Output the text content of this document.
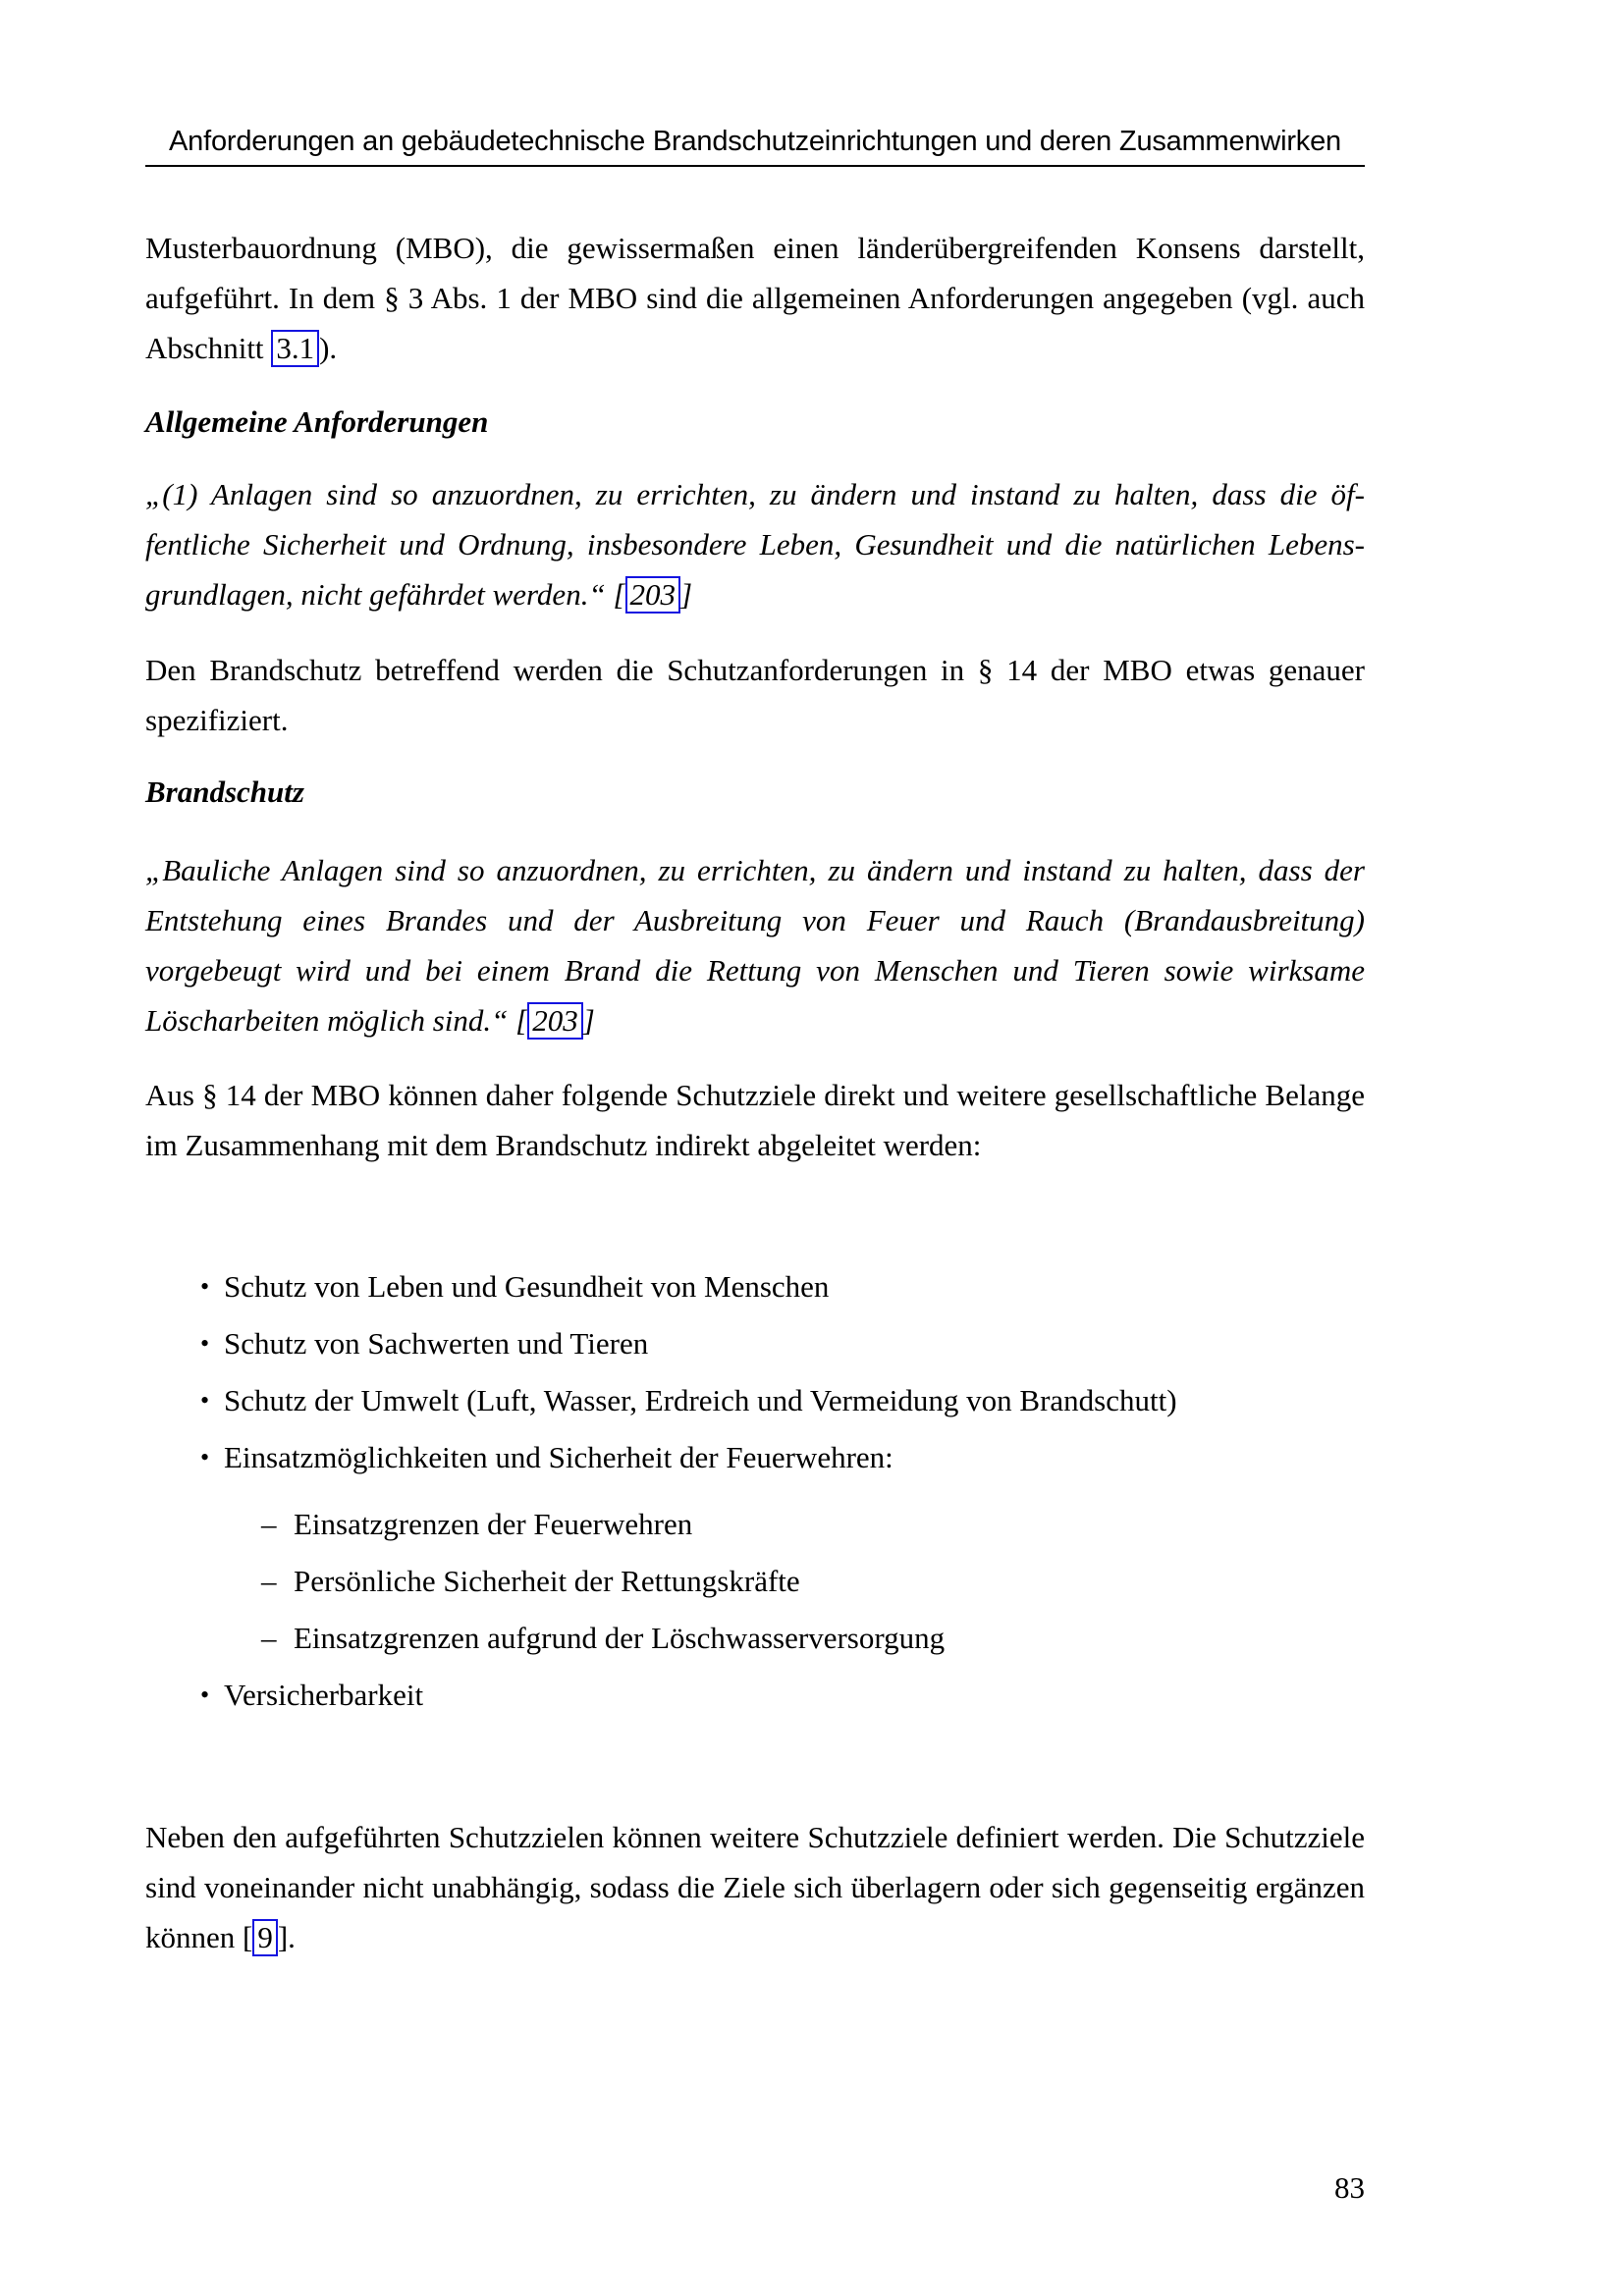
Anforderungen an gebäudetechnische Brandschutzeinrichtungen und deren Zusammenwirken

Musterbauordnung (MBO), die gewissermaßen einen länderübergreifenden Konsens darstellt, aufgeführt. In dem § 3 Abs. 1 der MBO sind die allgemeinen Anforderungen angegeben (vgl. auch Abschnitt 3.1 ).

Allgemeine Anforderungen

„(1) Anlagen sind so anzuordnen, zu errichten, zu ändern und instand zu halten, dass die öffentliche Sicherheit und Ordnung, insbesondere Leben, Gesundheit und die natürlichen Lebensgrundlagen, nicht gefährdet werden.“ [ 203 ]

Den Brandschutz betreffend werden die Schutzanforderungen in § 14 der MBO etwas genauer spezifiziert.

Brandschutz

„Bauliche Anlagen sind so anzuordnen, zu errichten, zu ändern und instand zu halten, dass der Entstehung eines Brandes und der Ausbreitung von Feuer und Rauch (Brandausbreitung) vorgebeugt wird und bei einem Brand die Rettung von Menschen und Tieren sowie wirksame Löscharbeiten möglich sind.“ [ 203 ]

Aus § 14 der MBO können daher folgende Schutzziele direkt und weitere gesellschaftliche Belange im Zusammenhang mit dem Brandschutz indirekt abgeleitet werden:

• Schutz von Leben und Gesundheit von Menschen
• Schutz von Sachwerten und Tieren
• Schutz der Umwelt (Luft, Wasser, Erdreich und Vermeidung von Brandschutt)
• Einsatzmöglichkeiten und Sicherheit der Feuerwehren:
– Einsatzgrenzen der Feuerwehren
– Persönliche Sicherheit der Rettungskräfte
– Einsatzgrenzen aufgrund der Löschwasserversorgung
• Versicherbarkeit

Neben den aufgeführten Schutzzielen können weitere Schutzziele definiert werden. Die Schutzziele sind voneinander nicht unabhängig, sodass die Ziele sich überlagern oder sich gegenseitig ergänzen können [ 9 ].

83
